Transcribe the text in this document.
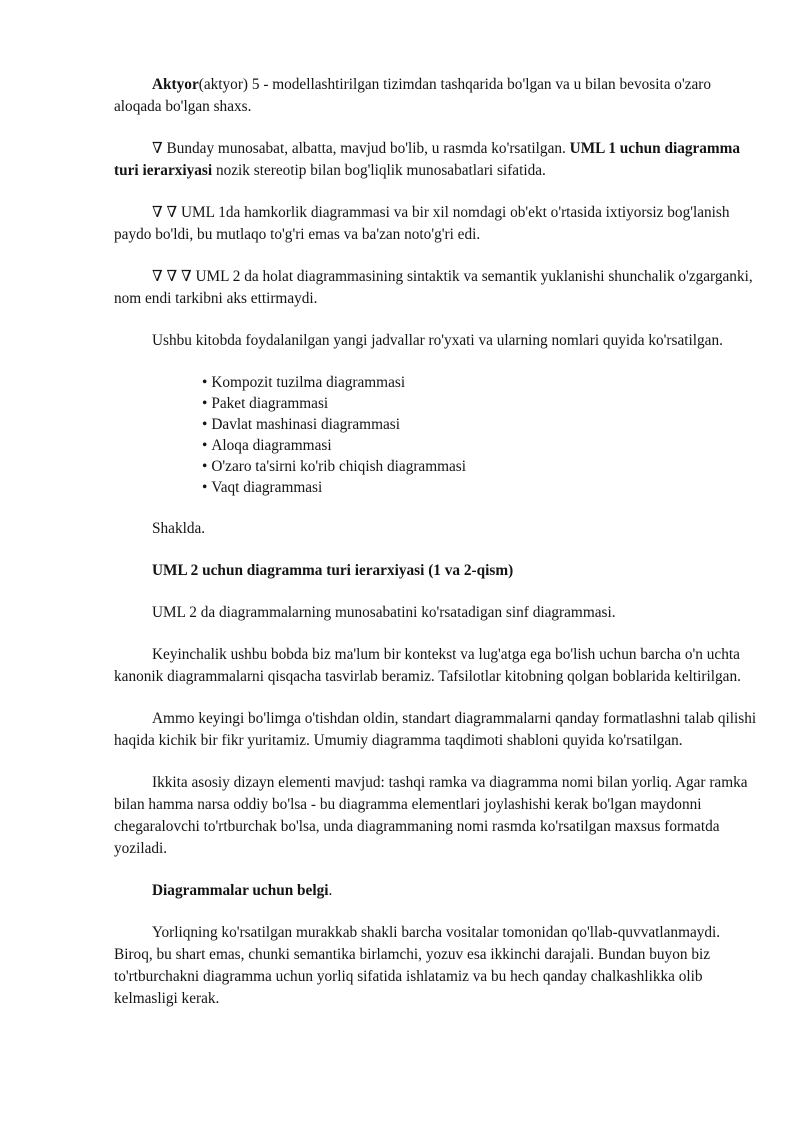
Aktyor(aktyor) 5 - modellashtirilgan tizimdan tashqarida bo'lgan va u bilan bevosita o'zaro aloqada bo'lgan shaxs.

∇ Bunday munosabat, albatta, mavjud bo'lib, u rasmda ko'rsatilgan. UML 1 uchun diagramma turi ierarxiyasi nozik stereotip bilan bog'liqlik munosabatlari sifatida.

∇ ∇ UML 1da hamkorlik diagrammasi va bir xil nomdagi ob'ekt o'rtasida ixtiyorsiz bog'lanish paydo bo'ldi, bu mutlaqo to'g'ri emas va ba'zan noto'g'ri edi.

∇ ∇ ∇ UML 2 da holat diagrammasining sintaktik va semantik yuklanishi shunchalik o'zgarganki, nom endi tarkibni aks ettirmaydi.

Ushbu kitobda foydalanilgan yangi jadvallar ro'yxati va ularning nomlari quyida ko'rsatilgan.

• Kompozit tuzilma diagrammasi
• Paket diagrammasi
• Davlat mashinasi diagrammasi
• Aloqa diagrammasi
• O'zaro ta'sirni ko'rib chiqish diagrammasi
• Vaqt diagrammasi

Shaklda.

UML 2 uchun diagramma turi ierarxiyasi (1 va 2-qism)

UML 2 da diagrammalarning munosabatini ko'rsatadigan sinf diagrammasi.

Keyinchalik ushbu bobda biz ma'lum bir kontekst va lug'atga ega bo'lish uchun barcha o'n uchta kanonik diagrammalarni qisqacha tasvirlab beramiz. Tafsilotlar kitobning qolgan boblarida keltirilgan.

Ammo keyingi bo'limga o'tishdan oldin, standart diagrammalarni qanday formatlashni talab qilishi haqida kichik bir fikr yuritamiz. Umumiy diagramma taqdimoti shabloni quyida ko'rsatilgan.

Ikkita asosiy dizayn elementi mavjud: tashqi ramka va diagramma nomi bilan yorliq. Agar ramka bilan hamma narsa oddiy bo'lsa - bu diagramma elementlari joylashishi kerak bo'lgan maydonni chegaralovchi to'rtburchak bo'lsa, unda diagrammaning nomi rasmda ko'rsatilgan maxsus formatda yoziladi.

Diagrammalar uchun belgi.

Yorliqning ko'rsatilgan murakkab shakli barcha vositalar tomonidan qo'llab-quvvatlanmaydi. Biroq, bu shart emas, chunki semantika birlamchi, yozuv esa ikkinchi darajali. Bundan buyon biz to'rtburchakni diagramma uchun yorliq sifatida ishlatamiz va bu hech qanday chalkashlikka olib kelmasligi kerak.
